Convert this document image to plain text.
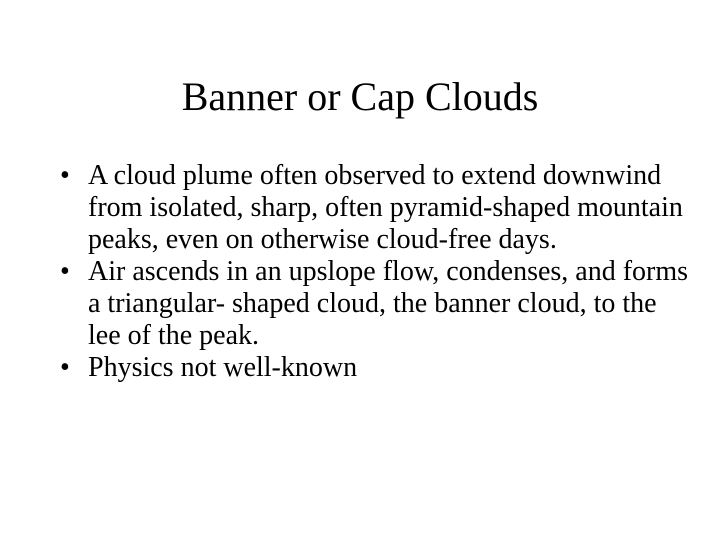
Banner or Cap Clouds
• A cloud plume often observed to extend downwind from isolated, sharp, often pyramid-shaped mountain peaks, even on otherwise cloud-free days.
• Air ascends in an upslope flow, condenses, and forms a triangular- shaped cloud, the banner cloud, to the lee of the peak.
• Physics not well-known
